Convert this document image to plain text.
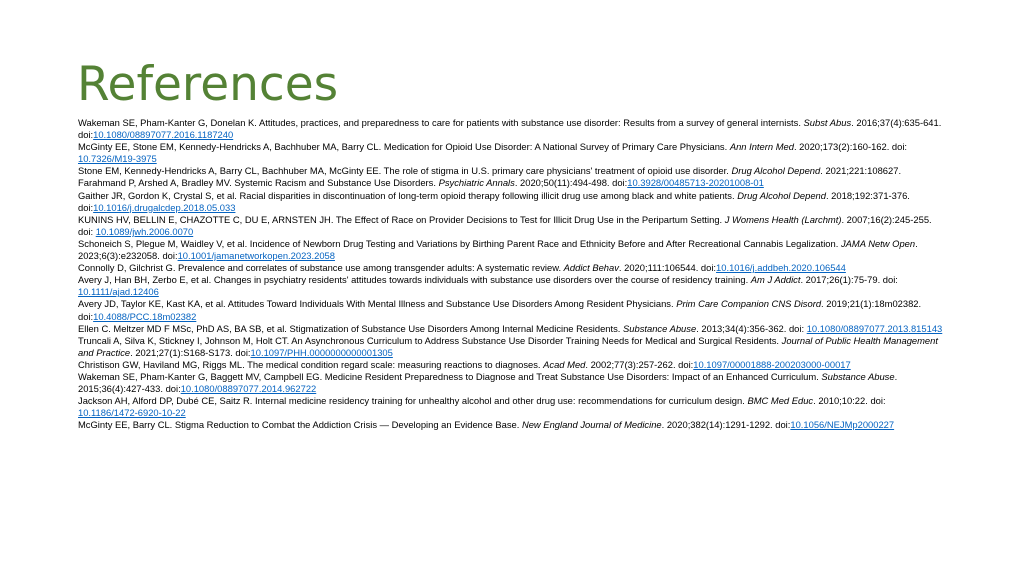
References

Wakeman SE, Pham-Kanter G, Donelan K. Attitudes, practices, and preparedness to care for patients with substance use disorder: Results from a survey of general internists. Subst Abus. 2016;37(4):635-641. doi:10.1080/08897077.2016.1187240

McGinty EE, Stone EM, Kennedy-Hendricks A, Bachhuber MA, Barry CL. Medication for Opioid Use Disorder: A National Survey of Primary Care Physicians. Ann Intern Med. 2020;173(2):160-162. doi: 10.7326/M19-3975

Stone EM, Kennedy-Hendricks A, Barry CL, Bachhuber MA, McGinty EE. The role of stigma in U.S. primary care physicians' treatment of opioid use disorder. Drug Alcohol Depend. 2021;221:108627.

Farahmand P, Arshed A, Bradley MV. Systemic Racism and Substance Use Disorders. Psychiatric Annals. 2020;50(11):494-498. doi:10.3928/00485713-20201008-01

Gaither JR, Gordon K, Crystal S, et al. Racial disparities in discontinuation of long-term opioid therapy following illicit drug use among black and white patients. Drug Alcohol Depend. 2018;192:371-376. doi:10.1016/j.drugalcdep.2018.05.033

KUNINS HV, BELLIN E, CHAZOTTE C, DU E, ARNSTEN JH. The Effect of Race on Provider Decisions to Test for Illicit Drug Use in the Peripartum Setting. J Womens Health (Larchmt). 2007;16(2):245-255. doi: 10.1089/jwh.2006.0070

Schoneich S, Plegue M, Waidley V, et al. Incidence of Newborn Drug Testing and Variations by Birthing Parent Race and Ethnicity Before and After Recreational Cannabis Legalization. JAMA Netw Open. 2023;6(3):e232058. doi:10.1001/jamanetworkopen.2023.2058

Connolly D, Gilchrist G. Prevalence and correlates of substance use among transgender adults: A systematic review. Addict Behav. 2020;111:106544. doi:10.1016/j.addbeh.2020.106544

Avery J, Han BH, Zerbo E, et al. Changes in psychiatry residents' attitudes towards individuals with substance use disorders over the course of residency training. Am J Addict. 2017;26(1):75-79. doi: 10.1111/ajad.12406

Avery JD, Taylor KE, Kast KA, et al. Attitudes Toward Individuals With Mental Illness and Substance Use Disorders Among Resident Physicians. Prim Care Companion CNS Disord. 2019;21(1):18m02382. doi:10.4088/PCC.18m02382

Ellen C. Meltzer MD F MSc, PhD AS, BA SB, et al. Stigmatization of Substance Use Disorders Among Internal Medicine Residents. Substance Abuse. 2013;34(4):356-362. doi: 10.1080/08897077.2013.815143

Truncali A, Silva K, Stickney I, Johnson M, Holt CT. An Asynchronous Curriculum to Address Substance Use Disorder Training Needs for Medical and Surgical Residents. Journal of Public Health Management and Practice. 2021;27(1):S168-S173. doi:10.1097/PHH.0000000000001305

Christison GW, Haviland MG, Riggs ML. The medical condition regard scale: measuring reactions to diagnoses. Acad Med. 2002;77(3):257-262. doi:10.1097/00001888-200203000-00017

Wakeman SE, Pham-Kanter G, Baggett MV, Campbell EG. Medicine Resident Preparedness to Diagnose and Treat Substance Use Disorders: Impact of an Enhanced Curriculum. Substance Abuse. 2015;36(4):427-433. doi:10.1080/08897077.2014.962722

Jackson AH, Alford DP, Dubé CE, Saitz R. Internal medicine residency training for unhealthy alcohol and other drug use: recommendations for curriculum design. BMC Med Educ. 2010;10:22. doi: 10.1186/1472-6920-10-22

McGinty EE, Barry CL. Stigma Reduction to Combat the Addiction Crisis — Developing an Evidence Base. New England Journal of Medicine. 2020;382(14):1291-1292. doi:10.1056/NEJMp2000227
